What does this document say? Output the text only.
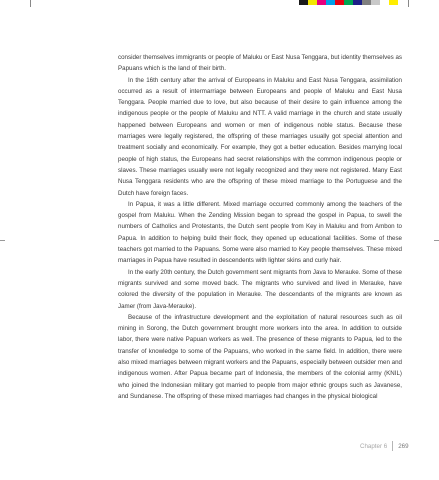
consider themselves immigrants or people of Maluku or East Nusa Tenggara, but identity themselves as Papuans which is the land of their birth.

In the 16th century after the arrival of Europeans in Maluku and East Nusa Tenggara, assimilation occurred as a result of intermarriage between Europeans and people of Maluku and East Nusa Tenggara. People married due to love, but also because of their desire to gain influence among the indigenous people or the people of Maluku and NTT. A valid marriage in the church and state usually happened between Europeans and women or men of indigenous noble status. Because these marriages were legally registered, the offspring of these marriages usually got special attention and treatment socially and economically. For example, they got a better education. Besides marrying local people of high status, the Europeans had secret relationships with the common indigenous people or slaves. These marriages usually were not legally recognized and they were not registered. Many East Nusa Tenggara residents who are the offspring of these mixed marriage to the Portuguese and the Dutch have foreign faces.

In Papua, it was a little different. Mixed marriage occurred commonly among the teachers of the gospel from Maluku. When the Zending Mission began to spread the gospel in Papua, to swell the numbers of Catholics and Protestants, the Dutch sent people from Key in Maluku and from Ambon to Papua. In addition to helping build their flock, they opened up educational facilities. Some of these teachers got married to the Papuans. Some were also married to Key people themselves. These mixed marriages in Papua have resulted in descendents with lighter skins and curly hair.

In the early 20th century, the Dutch government sent migrants from Java to Merauke. Some of these migrants survived and some moved back. The migrants who survived and lived in Merauke, have colored the diversity of the population in Merauke. The descendants of the migrants are known as Jamer (from Java-Merauke).

Because of the infrastructure development and the exploitation of natural resources such as oil mining in Sorong, the Dutch government brought more workers into the area. In addition to outside labor, there were native Papuan workers as well. The presence of these migrants to Papua, led to the transfer of knowledge to some of the Papuans, who worked in the same field. In addition, there were also mixed marriages between migrant workers and the Papuans, especially between outsider men and indigenous women. After Papua became part of Indonesia, the members of the colonial army (KNIL) who joined the Indonesian military got married to people from major ethnic groups such as Javanese, and Sundanese. The offspring of these mixed marriages had changes in the physical biological

Chapter 6 269
